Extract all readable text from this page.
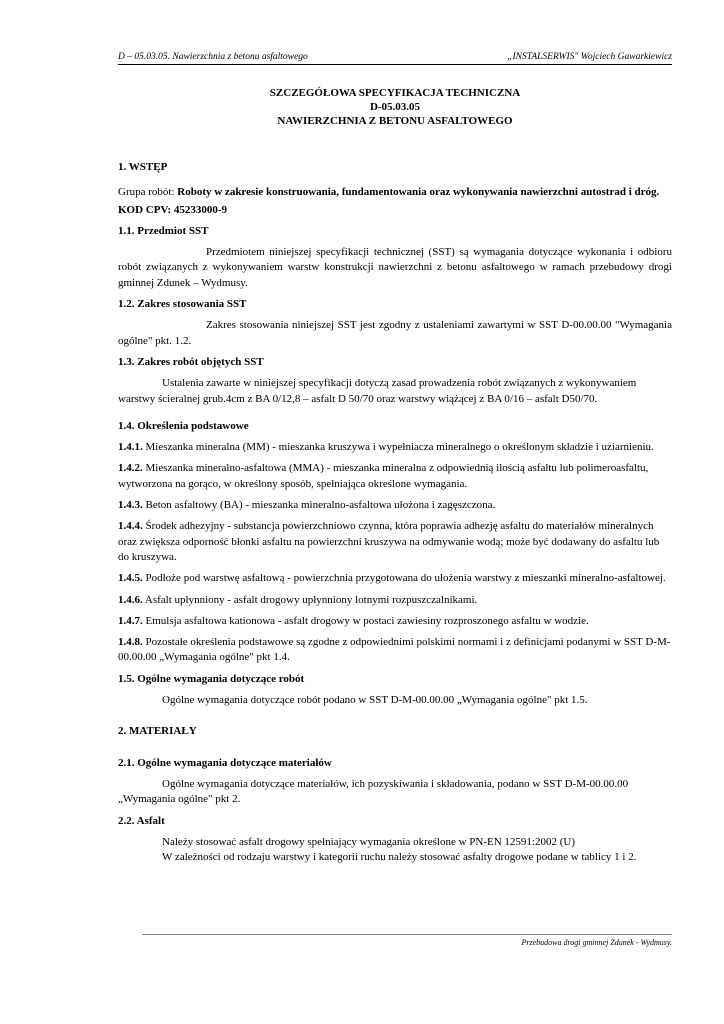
D – 05.03.05. Nawierzchnia z betonu asfaltowego	„INSTALSERWIS" Wojciech Gawarkiewicz
SZCZEGÓŁOWA SPECYFIKACJA TECHNICZNA
D-05.03.05
NAWIERZCHNIA Z BETONU ASFALTOWEGO

1. WSTĘP

Grupa robót: Roboty w zakresie konstruowania, fundamentowania oraz wykonywania nawierzchni autostrad i dróg.

KOD CPV: 45233000-9

1.1. Przedmiot SST

Przedmiotem niniejszej specyfikacji technicznej (SST) są wymagania dotyczące wykonania i odbioru robót związanych z wykonywaniem warstw konstrukcji nawierzchni z betonu asfaltowego w ramach przebudowy drogi gminnej Zdunek – Wydmusy.

1.2. Zakres stosowania SST

Zakres stosowania niniejszej SST jest zgodny z ustaleniami zawartymi w SST D-00.00.00 "Wymagania ogólne" pkt. 1.2.

1.3. Zakres robót objętych SST

Ustalenia zawarte w niniejszej specyfikacji dotyczą zasad prowadzenia robót związanych z wykonywaniem warstwy ścieralnej grub.4cm z BA 0/12,8 – asfalt D 50/70 oraz warstwy wiążącej z BA 0/16 – asfalt D50/70.

1.4. Określenia podstawowe

1.4.1. Mieszanka mineralna (MM) - mieszanka kruszywa i wypełniacza mineralnego o określonym składzie i uziarnieniu.

1.4.2. Mieszanka mineralno-asfaltowa (MMA) - mieszanka mineralna z odpowiednią ilością asfaltu lub polimeroasfaltu, wytworzona na gorąco, w określony sposób, spełniająca określone wymagania.

1.4.3. Beton asfaltowy (BA) - mieszanka mineralno-asfaltowa ułożona i zagęszczona.

1.4.4. Środek adhezyjny - substancja powierzchniowo czynna, która poprawia adhezję asfaltu do materiałów mineralnych oraz zwiększa odporność błonki asfaltu na powierzchni kruszywa na odmywanie wodą; może być dodawany do asfaltu lub do kruszywa.

1.4.5. Podłoże pod warstwę asfaltową - powierzchnia przygotowana do ułożenia warstwy z mieszanki mineralno-asfaltowej.

1.4.6. Asfalt upłynniony - asfalt drogowy upłynniony lotnymi rozpuszczalnikami.

1.4.7. Emulsja asfaltowa kationowa - asfalt drogowy w postaci zawiesiny rozproszonego asfaltu w wodzie.

1.4.8. Pozostałe określenia podstawowe są zgodne z odpowiednimi polskimi normami i z definicjami podanymi w SST D-M-00.00.00 „Wymagania ogólne" pkt 1.4.

1.5. Ogólne wymagania dotyczące robót

Ogólne wymagania dotyczące robót podano w SST D-M-00.00.00 „Wymagania ogólne" pkt 1.5.

2. MATERIAŁY

2.1. Ogólne wymagania dotyczące materiałów

Ogólne wymagania dotyczące materiałów, ich pozyskiwania i składowania, podano w SST D-M-00.00.00 „Wymagania ogólne" pkt 2.

2.2. Asfalt

Należy stosować asfalt drogowy spełniający wymagania określone w PN-EN 12591:2002 (U)

W zależności od rodzaju warstwy i kategorii ruchu należy stosować asfalty drogowe podane w tablicy 1 i 2.

Przebudowa drogi gminnej Zdunek - Wydmusy.
